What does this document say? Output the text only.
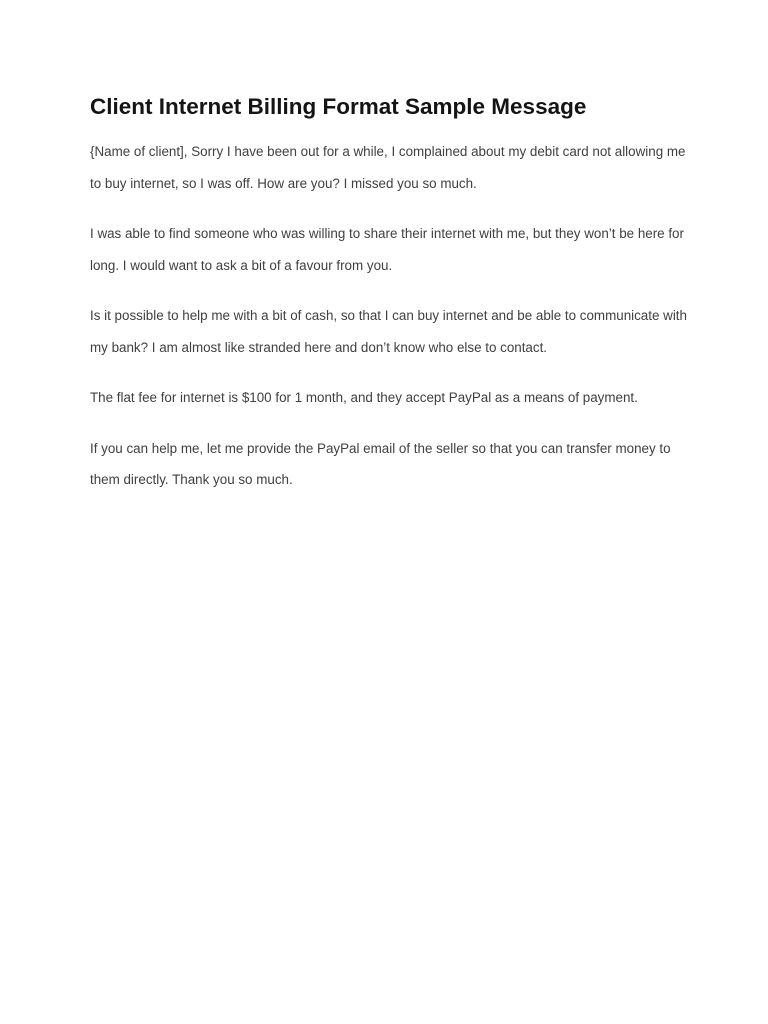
Client Internet Billing Format Sample Message

{Name of client], Sorry I have been out for a while, I complained about my debit card not allowing me to buy internet, so I was off. How are you? I missed you so much.

I was able to find someone who was willing to share their internet with me, but they won’t be here for long. I would want to ask a bit of a favour from you.

Is it possible to help me with a bit of cash, so that I can buy internet and be able to communicate with my bank? I am almost like stranded here and don’t know who else to contact.

The flat fee for internet is $100 for 1 month, and they accept PayPal as a means of payment.

If you can help me, let me provide the PayPal email of the seller so that you can transfer money to them directly. Thank you so much.
